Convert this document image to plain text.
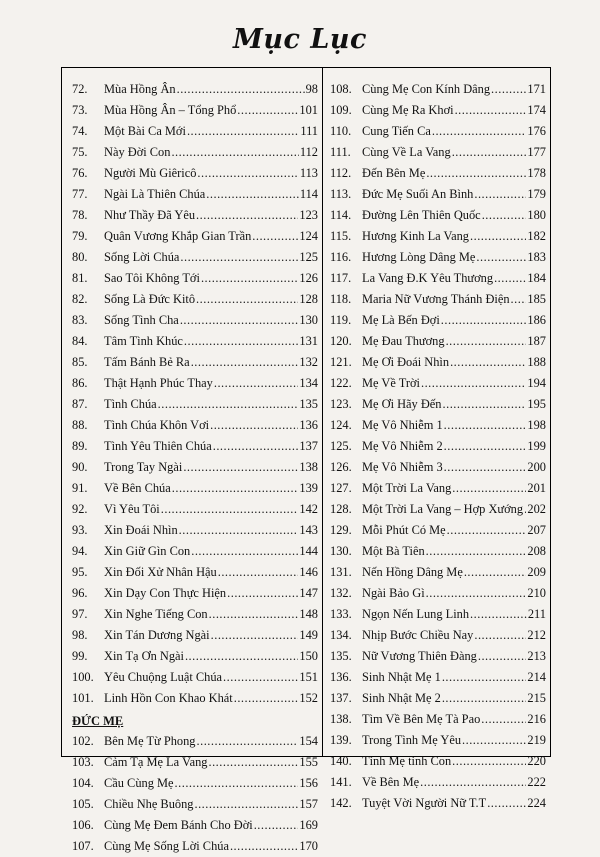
Mục Lục
72.	Mùa Hồng Ân .....	98
73.	Mùa Hồng Ân – Tổng Phổ .....	101
74.	Một Bài Ca Mới .....	111
75.	Này Đời Con .....	112
76.	Người Mù Giêricô .....	113
77.	Ngài Là Thiên Chúa .....	114
78.	Như Thầy Đã Yêu .....	123
79.	Quân Vương Khắp Gian Trần .....	124
80.	Sống Lời Chúa .....	125
81.	Sao Tôi Không Tới .....	126
82.	Sống Là Đức Kitô .....	128
83.	Sống Tình Cha .....	130
84.	Tâm Tình Khúc .....	131
85.	Tấm Bánh Bẻ Ra .....	132
86.	Thật Hạnh Phúc Thay .....	134
87.	Tình Chúa .....	135
88.	Tình Chúa Khôn Vơi .....	136
89.	Tình Yêu Thiên Chúa .....	137
90.	Trong Tay Ngài .....	138
91.	Về Bên Chúa .....	139
92.	Vì Yêu Tôi .....	142
93.	Xin Đoái Nhìn .....	143
94.	Xin Giữ Gìn Con .....	144
95.	Xin Đối Xử Nhân Hậu .....	146
96.	Xin Dạy Con Thực Hiện .....	147
97.	Xin Nghe Tiếng Con .....	148
98.	Xin Tán Dương Ngài .....	149
99.	Xin Tạ Ơn Ngài .....	150
100. Yêu Chuộng Luật Chúa .....	151
101. Linh Hồn Con Khao Khát .....	152
ĐỨC MẸ
102. Bên Mẹ Từ Phong .....	154
103. Cảm Tạ Mẹ La Vang .....	155
104. Cầu Cùng Mẹ .....	156
105. Chiều Nhẹ Buông .....	157
106. Cùng Mẹ Đem Bánh Cho Đời .....	169
107. Cùng Mẹ Sống Lời Chúa .....	170
108. Cùng Mẹ Con Kính Dâng .....	171
109. Cùng Mẹ Ra Khơi .....	174
110. Cung Tiến Ca .....	176
111. Cùng Về La Vang .....	177
112. Đến Bên Mẹ .....	178
113. Đức Mẹ Suối An Bình .....	179
114. Đường Lên Thiên Quốc .....	180
115. Hương Kinh La Vang .....	182
116. Hương Lòng Dâng Mẹ .....	183
117. La Vang Đ.K Yêu Thương .....	184
118. Maria Nữ Vương Thánh Điện ..... 185
119. Mẹ Là Bến Đợi .....	186
120. Mẹ Đau Thương .....	187
121. Mẹ Ơi Đoái Nhìn .....	188
122. Mẹ Về Trời .....	194
123. Mẹ Ơi Hãy Đến .....	195
124. Mẹ Vô Nhiễm 1 .....	198
125. Mẹ Vô Nhiễm 2 .....	199
126. Mẹ Vô Nhiễm 3 .....	200
127. Một Trời La Vang .....	201
128. Một Trời La Vang – Hợp Xướng ..... 202
129. Mỗi Phút Có Mẹ .....	207
130. Một Bà Tiên .....	208
131. Nến Hồng Dâng Mẹ .....	209
132. Ngài Bảo Gì .....	210
133. Ngọn Nến Lung Linh .....	211
134. Nhịp Bước Chiều Nay .....	212
135. Nữ Vương Thiên Đàng .....	213
136. Sinh Nhật Mẹ 1 .....	214
137. Sinh Nhật Mẹ 2 .....	215
138. Tìm Về Bên Mẹ Tà Pao .....	216
139. Trong Tình Mẹ Yêu .....	219
140. Tình Mẹ tình Con .....	220
141. Về Bên Mẹ .....	222
142. Tuyệt Vời Người Nữ T.T .....	224
